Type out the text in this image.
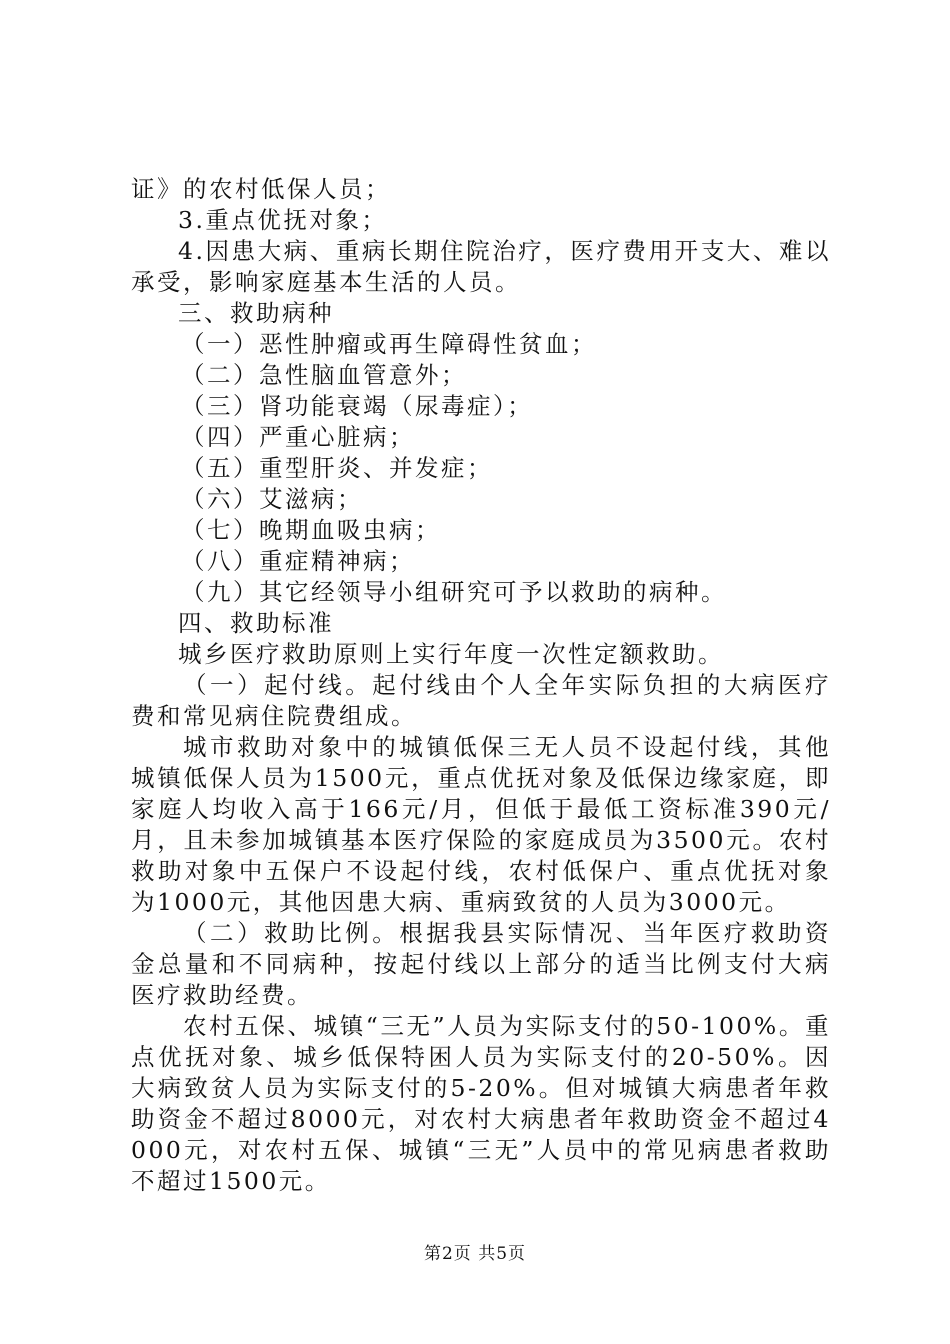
证》的农村低保人员；

3.重点优抚对象；

4.因患大病、重病长期住院治疗，医疗费用开支大、难以承受，影响家庭基本生活的人员。

三、救助病种

（一）恶性肿瘤或再生障碍性贫血；

（二）急性脑血管意外；

（三）肾功能衰竭（尿毒症）；

（四）严重心脏病；

（五）重型肝炎、并发症；

（六）艾滋病；

（七）晚期血吸虫病；

（八）重症精神病；

（九）其它经领导小组研究可予以救助的病种。

四、救助标准

城乡医疗救助原则上实行年度一次性定额救助。

（一）起付线。起付线由个人全年实际负担的大病医疗费和常见病住院费组成。

城市救助对象中的城镇低保三无人员不设起付线，其他城镇低保人员为1500元，重点优抚对象及低保边缘家庭，即家庭人均收入高于166元/月，但低于最低工资标准390元/月，且未参加城镇基本医疗保险的家庭成员为3500元。农村救助对象中五保户不设起付线，农村低保户、重点优抚对象为1000元，其他因患大病、重病致贫的人员为3000元。

（二）救助比例。根据我县实际情况、当年医疗救助资金总量和不同病种，按起付线以上部分的适当比例支付大病医疗救助经费。

农村五保、城镇“三无”人员为实际支付的50-100%。重点优抚对象、城乡低保特困人员为实际支付的20-50%。因大病致贫人员为实际支付的5-20%。但对城镇大病患者年救助资金不超过8000元，对农村大病患者年救助资金不超过4000元，对农村五保、城镇“三无”人员中的常见病患者救助不超过1500元。

第2页 共5页
